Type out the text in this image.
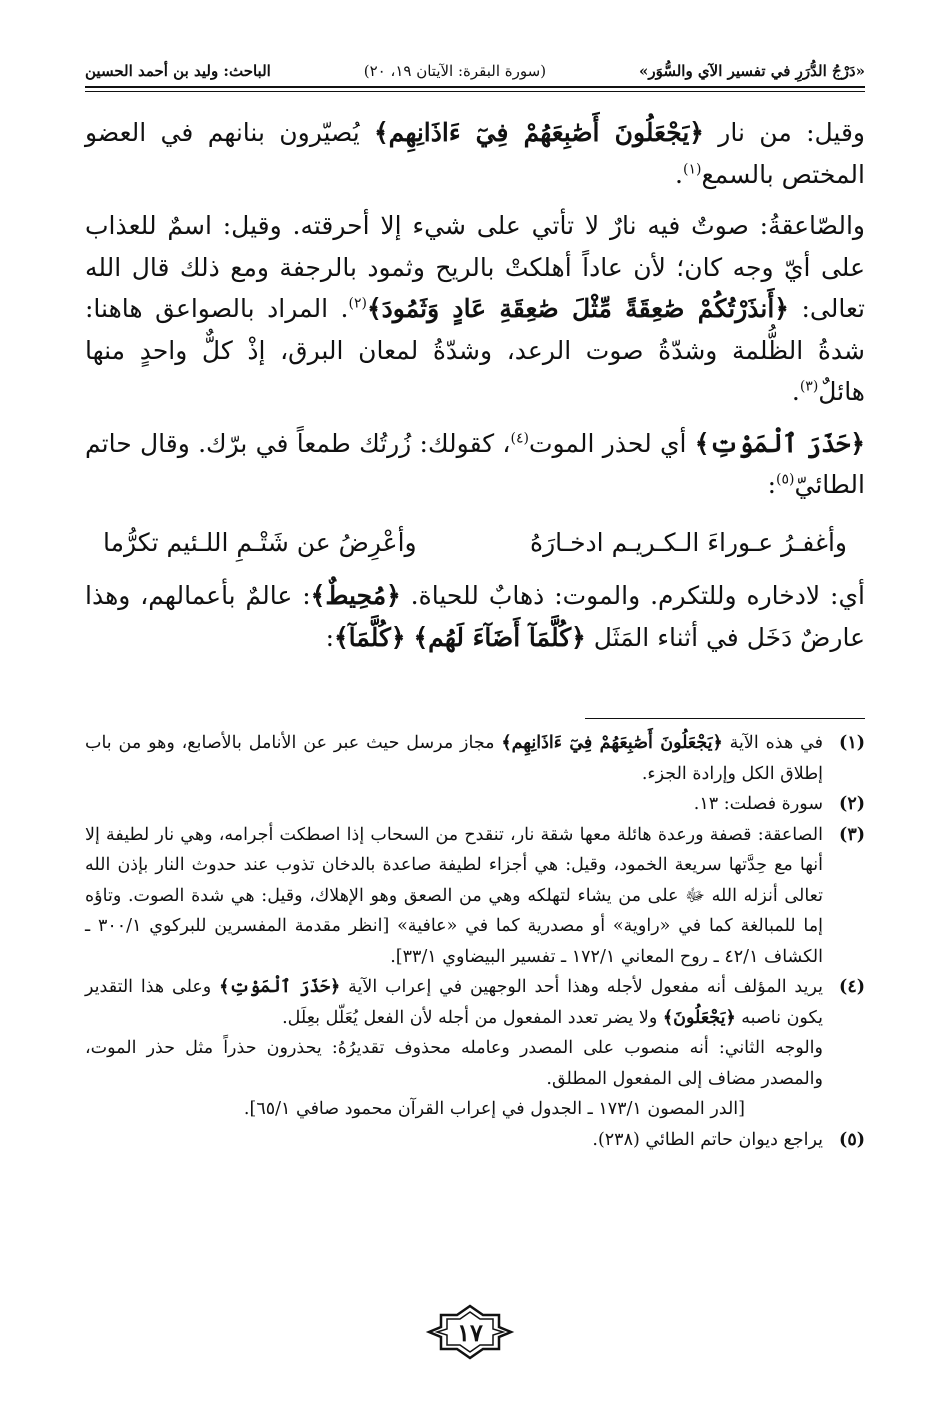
«دَرْجُ الدُّرَرِ في تفسير الآي والسُّوَر»
(سورة البقرة: الآيتان ١٩، ٢٠)
الباحث: وليد بن أحمد الحسين

وقيل: من نار ﴿يَجْعَلُونَ أَصَٰبِعَهُمْ فِيٓ ءَاذَانِهِم﴾ يُصيّرون بنانهم في العضو المختص بالسمع$^{(١)}$.

والصّاعقةُ: صوتٌ فيه نارٌ لا تأتي على شيء إلا أحرقته. وقيل: اسمٌ للعذاب على أيّ وجه كان؛ لأن عاداً أهلكتْ بالريح وثمود بالرجفة ومع ذلك قال الله تعالى: ﴿أَنذَرْتُكُمْ صَٰعِقَةً مِّثْلَ صَٰعِقَةِ عَادٍ وَثَمُودَ﴾$^{(٢)}$. المراد بالصواعق هاهنا: شدةُ الظُّلمة وشدّةُ صوت الرعد، وشدّةُ لمعان البرق، إذْ كلٌّ واحدٍ منها هائلٌ$^{(٣)}$.

﴿حَذَرَ ٱلْمَوْتِ﴾ أي لحذر الموت$^{(٤)}$، كقولك: زُرتُك طمعاً في برّك. وقال حاتم الطائيّ$^{(٥)}$:

وأغفـرُ عـوراءَ الـكـريـم ادخـارَهُ
وأعْرِضُ عن شَتْـمِ اللـئيم تكرُّما

أي: لادخاره وللتكرم. والموت: ذهابٌ للحياة. ﴿مُحِيطٌ﴾: عالمٌ بأعمالهم، وهذا عارضٌ دَخَل في أثناء المَثَل ﴿كُلَّمَآ أَضَآءَ لَهُم﴾ ﴿كُلَّمَآ﴾:

(١)
في هذه الآية ﴿يَجْعَلُونَ أَصَٰبِعَهُمْ فِيٓ ءَاذَانِهِم﴾ مجاز مرسل حيث عبر عن الأنامل بالأصابع، وهو من باب إطلاق الكل وإرادة الجزء.
(٢)
سورة فصلت: ١٣.
(٣)
الصاعقة: قصفة ورعدة هائلة معها شقة نار، تنقدح من السحاب إذا اصطكت أجرامه، وهي نار لطيفة إلا أنها مع حِدَّتها سريعة الخمود، وقيل: هي أجزاء لطيفة صاعدة بالدخان تذوب عند حدوث النار بإذن الله تعالى أنزله الله ﷻ على من يشاء لتهلكه وهي من الصعق وهو الإهلاك، وقيل: هي شدة الصوت. وتاؤه إما للمبالغة كما في «راوية» أو مصدرية كما في «عافية» [انظر مقدمة المفسرين للبركوي ٣٠٠/١ ـ الكشاف ٤٢/١ ـ روح المعاني ١٧٢/١ ـ تفسير البيضاوي ٣٣/١].
(٤)
يريد المؤلف أنه مفعول لأجله وهذا أحد الوجهين في إعراب الآية ﴿حَذَرَ ٱلْمَوْتِ﴾ وعلى هذا التقدير يكون ناصبه ﴿يَجْعَلُونَ﴾ ولا يضر تعدد المفعول من أجله لأن الفعل يُعَلّل بعِلَل.
والوجه الثاني: أنه منصوب على المصدر وعامله محذوف تقديرُهُ: يحذرون حذراً مثل حذر الموت، والمصدر مضاف إلى المفعول المطلق.
[الدر المصون ١٧٣/١ ـ الجدول في إعراب القرآن محمود صافي ٦٥/١].
(٥)
يراجع ديوان حاتم الطائي (٢٣٨).
١٧
